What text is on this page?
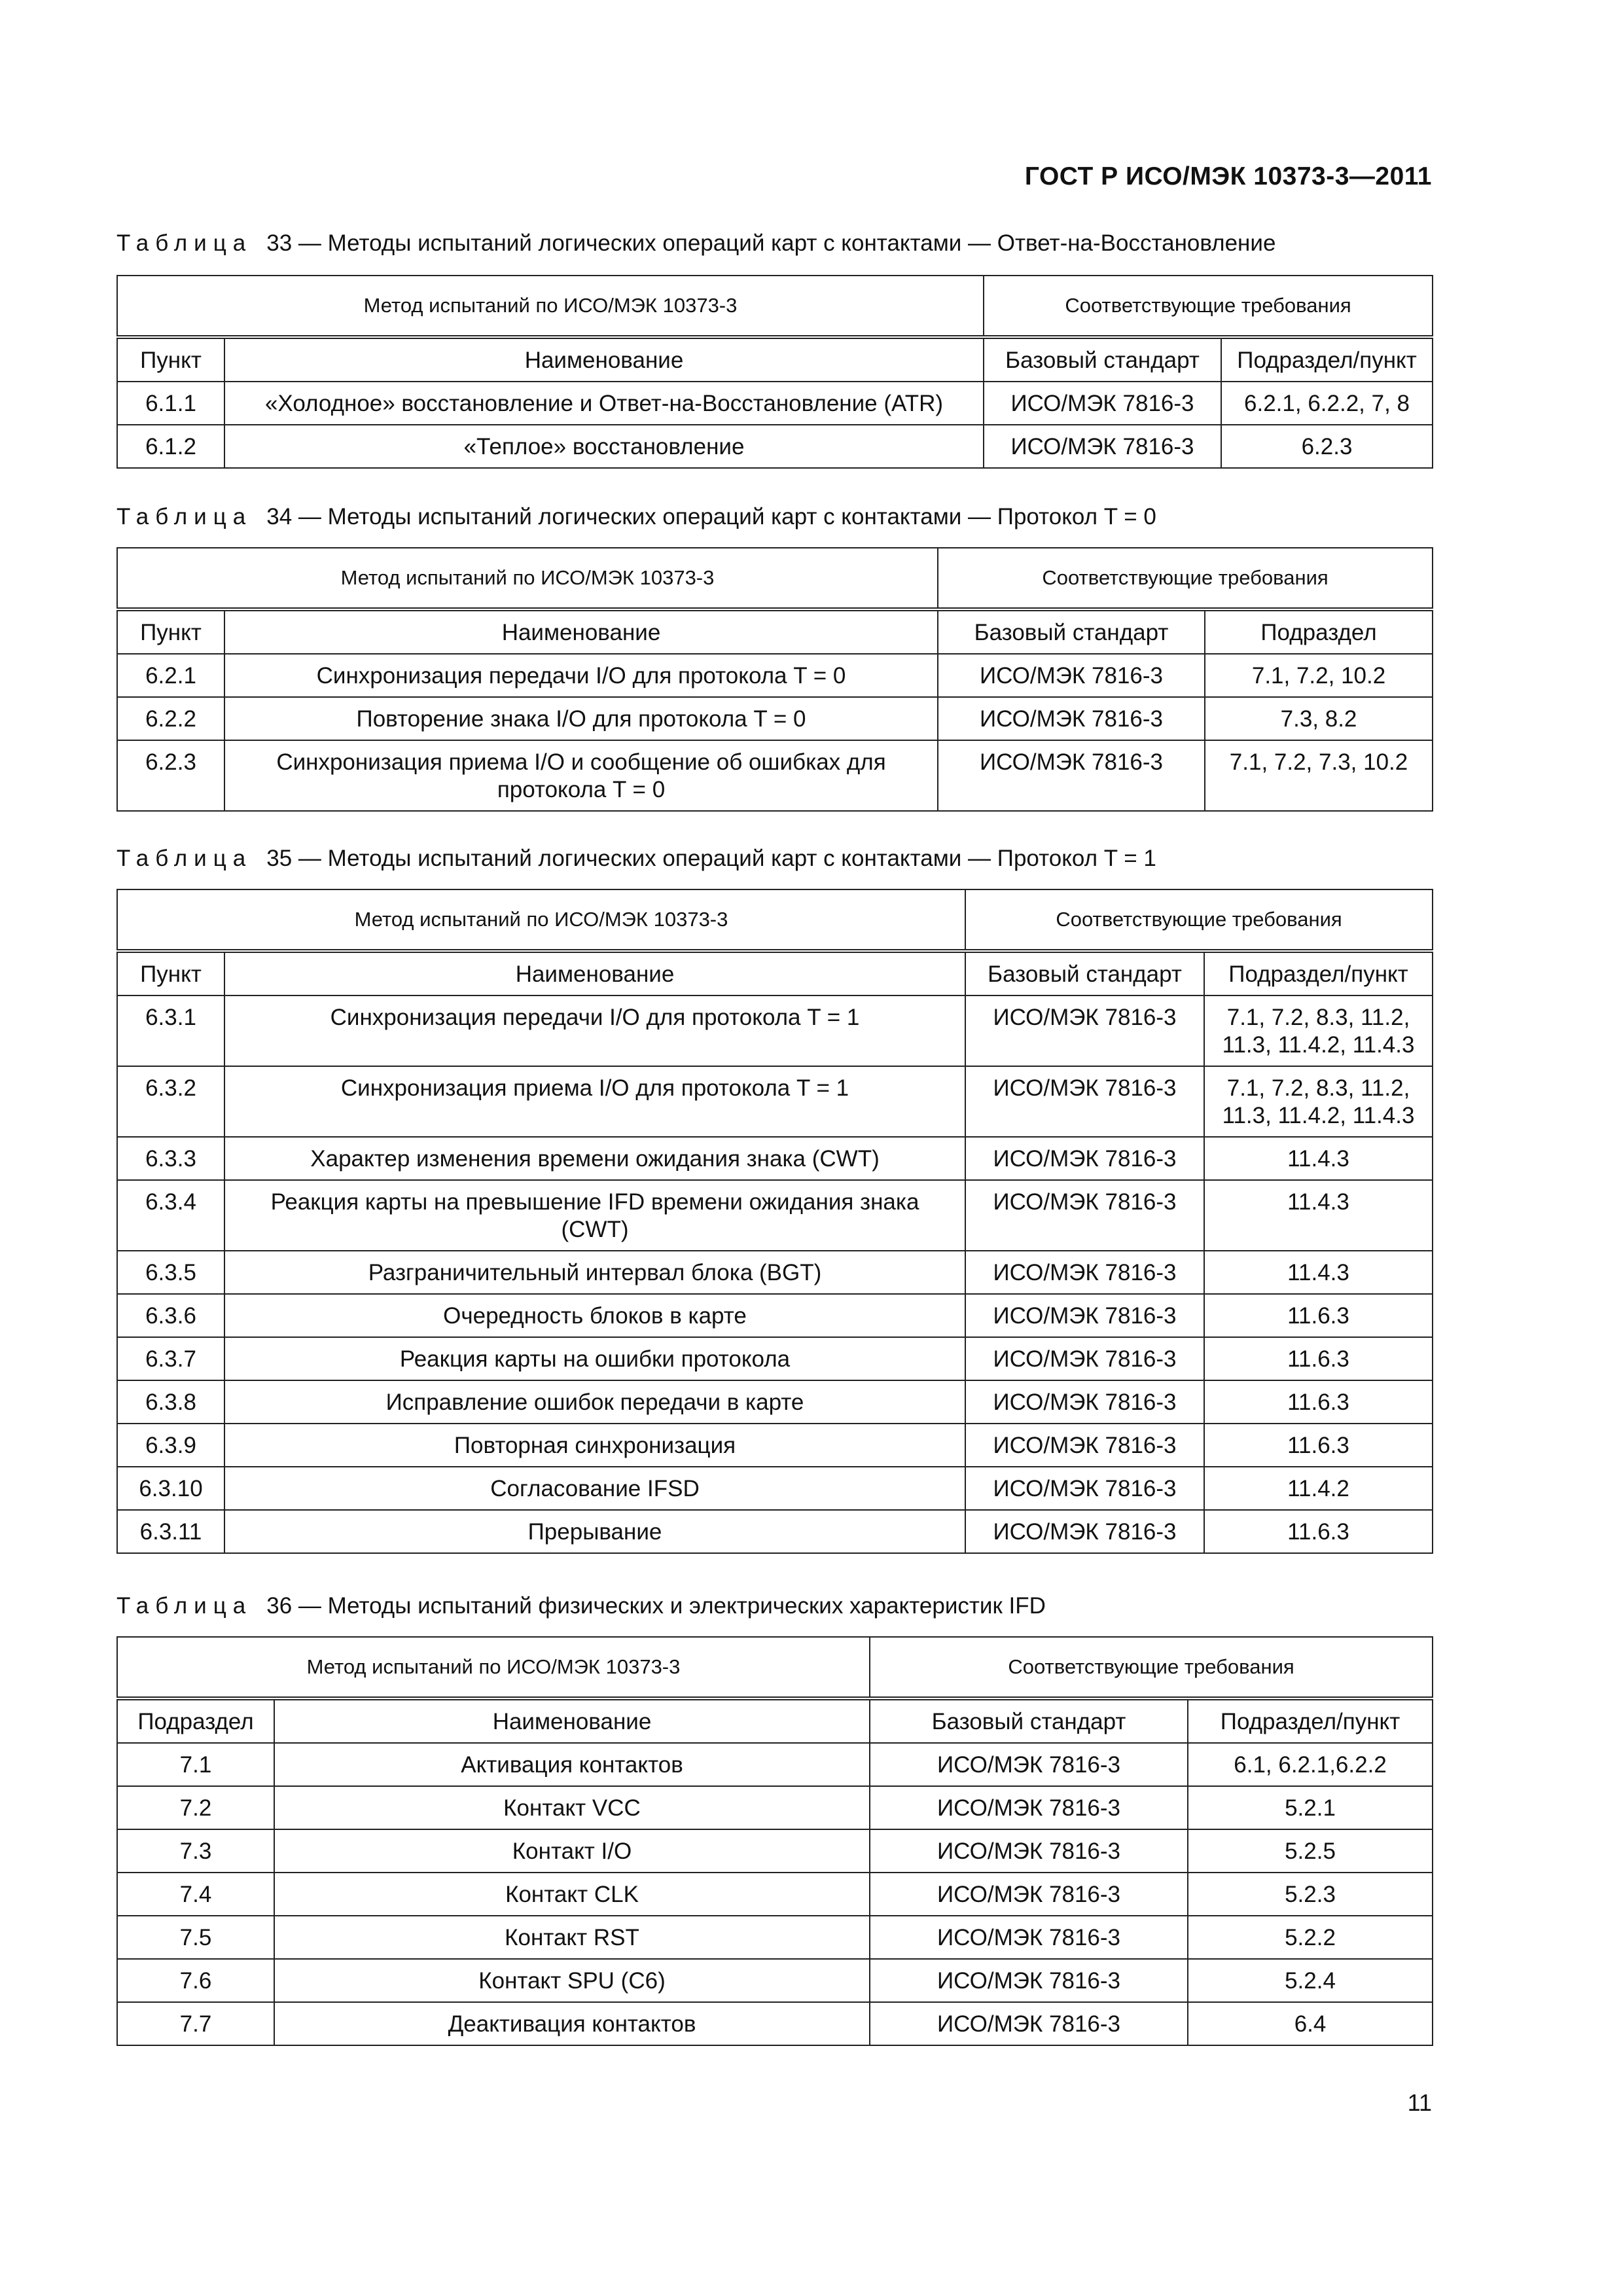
ГОСТ Р ИСО/МЭК 10373-3—2011
Таблица 33 — Методы испытаний логических операций карт с контактами — Ответ-на-Восстановление
Метод испытаний по ИСО/МЭК 10373-3		Соответствующие требования	
Пункт	Наименование	Базовый стандарт	Подраздел/пункт
6.1.1	«Холодное» восстановление и Ответ-на-Восстановление (ATR)	ИСО/МЭК 7816-3	6.2.1, 6.2.2, 7, 8
6.1.2	«Теплое» восстановление	ИСО/МЭК 7816-3	6.2.3
Таблица 34 — Методы испытаний логических операций карт с контактами — Протокол T = 0
Метод испытаний по ИСО/МЭК 10373-3		Соответствующие требования	
Пункт	Наименование	Базовый стандарт	Подраздел
6.2.1	Синхронизация передачи I/O для протокола T = 0	ИСО/МЭК 7816-3	7.1, 7.2, 10.2
6.2.2	Повторение знака I/O для протокола T = 0	ИСО/МЭК 7816-3	7.3, 8.2
6.2.3	Синхронизация приема I/O и сообщение об ошибках для протокола T = 0	ИСО/МЭК 7816-3	7.1, 7.2, 7.3, 10.2
Таблица 35 — Методы испытаний логических операций карт с контактами — Протокол T = 1
Метод испытаний по ИСО/МЭК 10373-3		Соответствующие требования	
Пункт	Наименование	Базовый стандарт	Подраздел/пункт
6.3.1	Синхронизация передачи I/O для протокола T = 1	ИСО/МЭК 7816-3	7.1, 7.2, 8.3, 11.2, 11.3, 11.4.2, 11.4.3
6.3.2	Синхронизация приема I/O для протокола T = 1	ИСО/МЭК 7816-3	7.1, 7.2, 8.3, 11.2, 11.3, 11.4.2, 11.4.3
6.3.3	Характер изменения времени ожидания знака (CWT)	ИСО/МЭК 7816-3	11.4.3
6.3.4	Реакция карты на превышение IFD времени ожидания знака (CWT)	ИСО/МЭК 7816-3	11.4.3
6.3.5	Разграничительный интервал блока (BGT)	ИСО/МЭК 7816-3	11.4.3
6.3.6	Очередность блоков в карте	ИСО/МЭК 7816-3	11.6.3
6.3.7	Реакция карты на ошибки протокола	ИСО/МЭК 7816-3	11.6.3
6.3.8	Исправление ошибок передачи в карте	ИСО/МЭК 7816-3	11.6.3
6.3.9	Повторная синхронизация	ИСО/МЭК 7816-3	11.6.3
6.3.10	Согласование IFSD	ИСО/МЭК 7816-3	11.4.2
6.3.11	Прерывание	ИСО/МЭК 7816-3	11.6.3
Таблица 36 — Методы испытаний физических и электрических характеристик IFD
Метод испытаний по ИСО/МЭК 10373-3		Соответствующие требования	
Подраздел	Наименование	Базовый стандарт	Подраздел/пункт
7.1	Активация контактов	ИСО/МЭК 7816-3	6.1, 6.2.1,6.2.2
7.2	Контакт VCC	ИСО/МЭК 7816-3	5.2.1
7.3	Контакт I/O	ИСО/МЭК 7816-3	5.2.5
7.4	Контакт CLK	ИСО/МЭК 7816-3	5.2.3
7.5	Контакт RST	ИСО/МЭК 7816-3	5.2.2
7.6	Контакт SPU (C6)	ИСО/МЭК 7816-3	5.2.4
7.7	Деактивация контактов	ИСО/МЭК 7816-3	6.4
11
